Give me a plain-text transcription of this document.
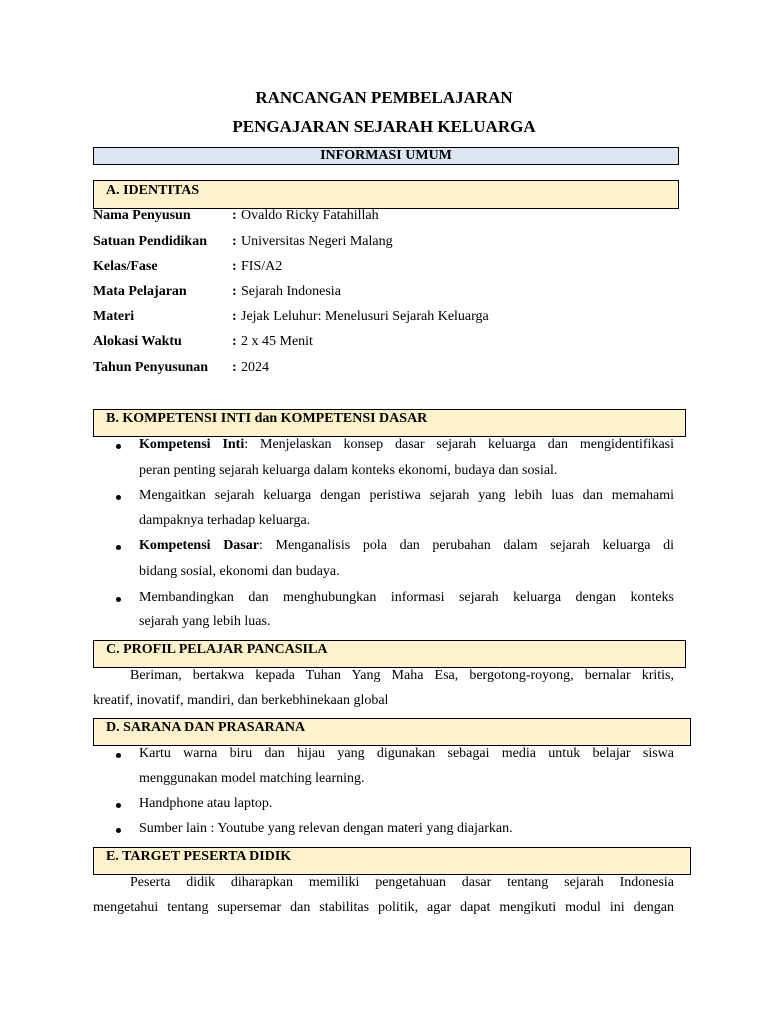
RANCANGAN PEMBELAJARAN
PENGAJARAN SEJARAH KELUARGA
INFORMASI UMUM
A. IDENTITAS
Nama Penyusun	: Ovaldo Ricky Fatahillah
Satuan Pendidikan : Universitas Negeri Malang
Kelas/Fase	: FIS/A2
Mata Pelajaran	: Sejarah Indonesia
Materi	: Jejak Leluhur: Menelusuri Sejarah Keluarga
Alokasi Waktu	: 2 x 45 Menit
Tahun Penyusunan : 2024
B. KOMPETENSI INTI dan KOMPETENSI DASAR
Kompetensi Inti: Menjelaskan konsep dasar sejarah keluarga dan mengidentifikasi
peran penting sejarah keluarga dalam konteks ekonomi, budaya dan sosial.
Mengaitkan sejarah keluarga dengan peristiwa sejarah yang lebih luas dan memahami
dampaknya terhadap keluarga.
Kompetensi Dasar: Menganalisis pola dan perubahan dalam sejarah keluarga di
bidang sosial, ekonomi dan budaya.
Membandingkan dan menghubungkan informasi sejarah keluarga dengan konteks
sejarah yang lebih luas.
C. PROFIL PELAJAR PANCASILA
Beriman, bertakwa kepada Tuhan Yang Maha Esa, bergotong-royong, bernalar kritis,
kreatif, inovatif, mandiri, dan berkebhinekaan global
D. SARANA DAN PRASARANA
Kartu warna biru dan hijau yang digunakan sebagai media untuk belajar siswa
menggunakan model matching learning.
Handphone atau laptop.
Sumber lain : Youtube yang relevan dengan materi yang diajarkan.
E. TARGET PESERTA DIDIK
Peserta didik diharapkan memiliki pengetahuan dasar tentang sejarah Indonesia
mengetahui tentang supersemar dan stabilitas politik, agar dapat mengikuti modul ini dengan
